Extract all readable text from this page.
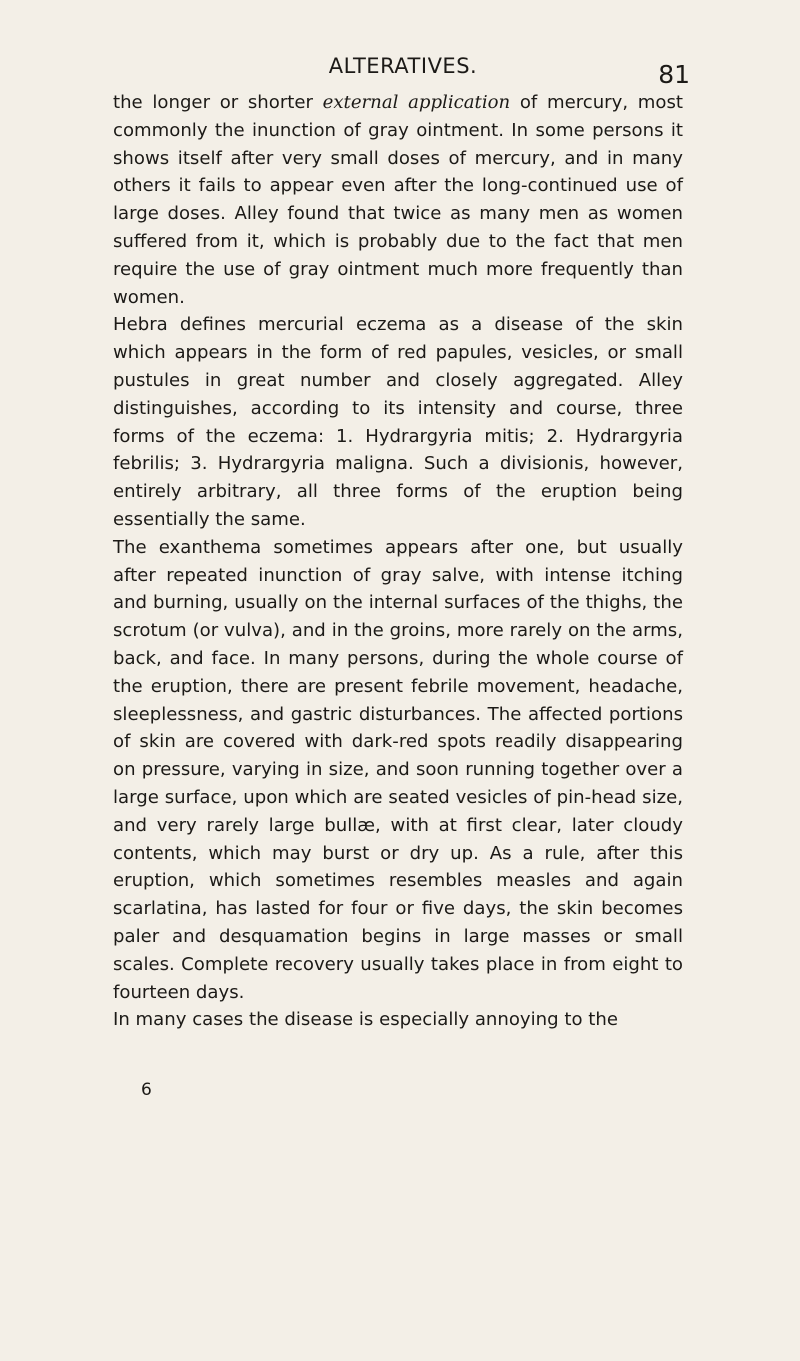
ALTERATIVES.	81

the longer or shorter external application of mercury, most commonly the inunction of gray ointment. In some persons it shows itself after very small doses of mercury, and in many others it fails to appear even after the long-continued use of large doses. Alley found that twice as many men as women suffered from it, which is probably due to the fact that men require the use of gray ointment much more frequently than women.

Hebra defines mercurial eczema as a disease of the skin which appears in the form of red papules, vesicles, or small pustules in great number and closely aggregated. Alley distinguishes, according to its intensity and course, three forms of the eczema: 1. Hydrargyria mitis; 2. Hydrargyria febrilis; 3. Hydrargyria maligna. Such a divisionis, however, entirely arbitrary, all three forms of the eruption being essentially the same.

The exanthema sometimes appears after one, but usually after repeated inunction of gray salve, with intense itching and burning, usually on the internal surfaces of the thighs, the scrotum (or vulva), and in the groins, more rarely on the arms, back, and face. In many persons, during the whole course of the eruption, there are present febrile movement, headache, sleeplessness, and gastric disturbances. The affected portions of skin are covered with dark-red spots readily disappearing on pressure, varying in size, and soon running together over a large surface, upon which are seated vesicles of pin-head size, and very rarely large bullæ, with at first clear, later cloudy contents, which may burst or dry up. As a rule, after this eruption, which sometimes resembles measles and again scarlatina, has lasted for four or five days, the skin becomes paler and desquamation begins in large masses or small scales. Complete recovery usually takes place in from eight to fourteen days.

In many cases the disease is especially annoying to the

6
